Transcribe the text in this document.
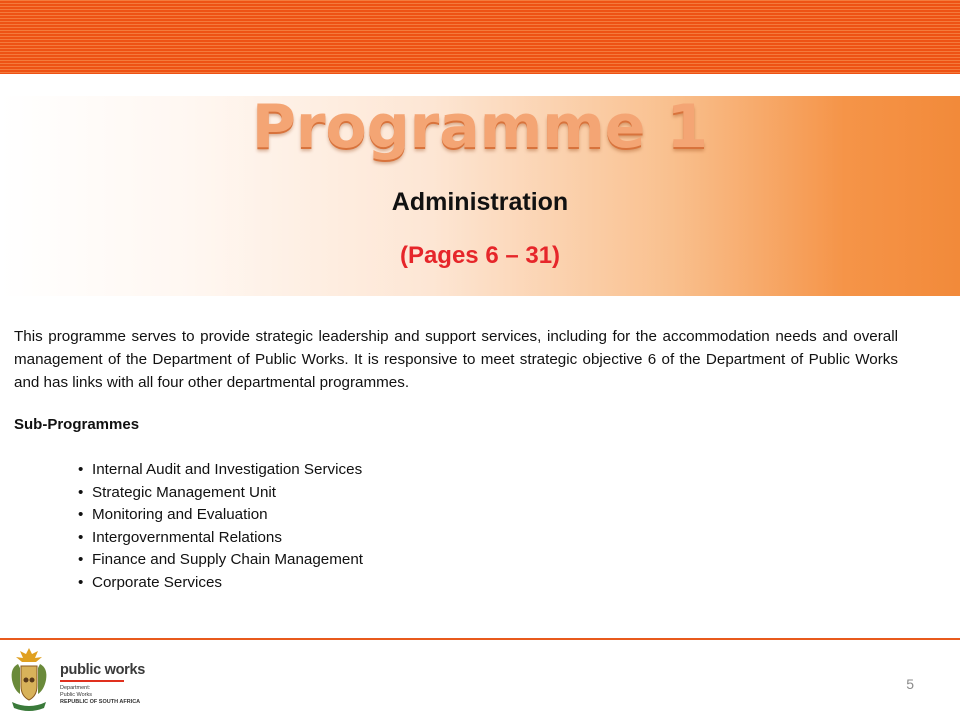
Programme 1
Administration
(Pages 6 – 31)
This programme serves to provide strategic leadership and support services, including for the accommodation needs and overall management of the Department of Public Works. It is responsive to meet strategic objective 6 of the Department of Public Works and has links with all four other departmental programmes.
Sub-Programmes
• Internal Audit and Investigation Services
• Strategic Management Unit
• Monitoring and Evaluation
• Intergovernmental Relations
• Finance and Supply Chain Management
• Corporate Services
public works
Department:
Public Works
REPUBLIC OF SOUTH AFRICA
5
